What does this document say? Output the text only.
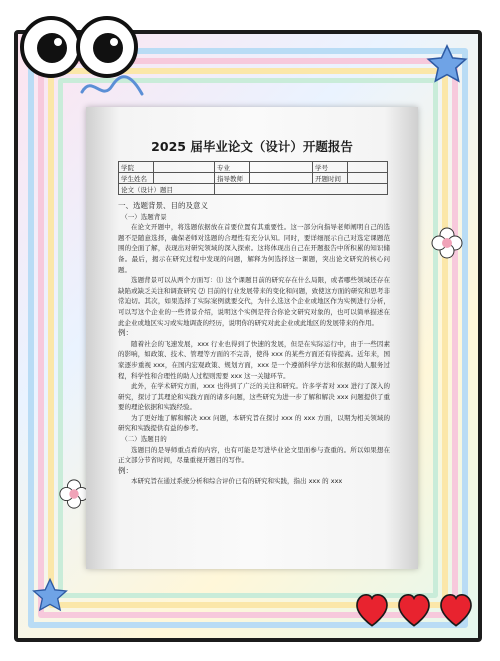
2025 届毕业论文（设计）开题报告
学院		专业		学号	
学生姓名		指导教师		开题时间	
论文（设计）题目					

一、选题背景、目的及意义

（一）选题背景

在论文开题中，将选题依据放在首要位置有其重要性。这一部分向指导老师阐明自己的选题不是随意选择，确保老师对选题的合理性有充分认知。同时，要详细展示自己对选定课题范围的全面了解，表现出对研究领域的深入探索。这将体现出自己在开题报告中所积累的知识储备。最后，揭示在研究过程中发现的问题，解释为何选择这一课题，突出论文研究的核心问题。

选题背景可以从两个方面写：⑴ 这个课题目前的研究存在什么局限，或者哪些领域还存在缺陷或缺乏关注和调查研究 ⑵ 目前的行业发展带来的变化和问题，致使这方面的研究和思考非常迫切。其次，如果选择了实际案例就要交代，为什么选这个企业或地区作为实例进行分析，可以写这个企业的一些背景介绍，说明这个实例是符合你论文研究对象的，也可以简单描述在此企业或地区实习或实地调查的经历，说明你的研究对此企业或此地区的发展带来的作用。

例：

随着社会的飞速发展，xxx 行业也得到了快速的发展，但是在实际运行中，由于一些因素的影响，如政策、技术、管理等方面的不完善，使得 xxx 的某些方面还有待提高。近年来，国家逐步重视 xxx，在国内宏观政策、规划方面，xxx 是一个遵循科学方法和依据的助人服务过程，科学性和合理性的助人过程则需要 xxx 这一关键环节。

此外，在学术研究方面，xxx 也得到了广泛的关注和研究。许多学者对 xxx 进行了深入的研究，探讨了其理论和实践方面的诸多问题，这些研究为进一步了解和解决 xxx 问题提供了重要的理论依据和实践经验。

为了更好地了解和解决 xxx 问题，本研究旨在探讨 xxx 的 xxx 方面，以期为相关领域的研究和实践提供有益的参考。

（二）选题目的

选题目的是导师重点看的内容，也有可能是写进毕业论文里面参与查重的。所以如果想在正文部分节省时间，尽量重视开题目的写作。

例：

本研究旨在通过系统分析和综合评价已有的研究和实践，指出 xxx 的 xxx
